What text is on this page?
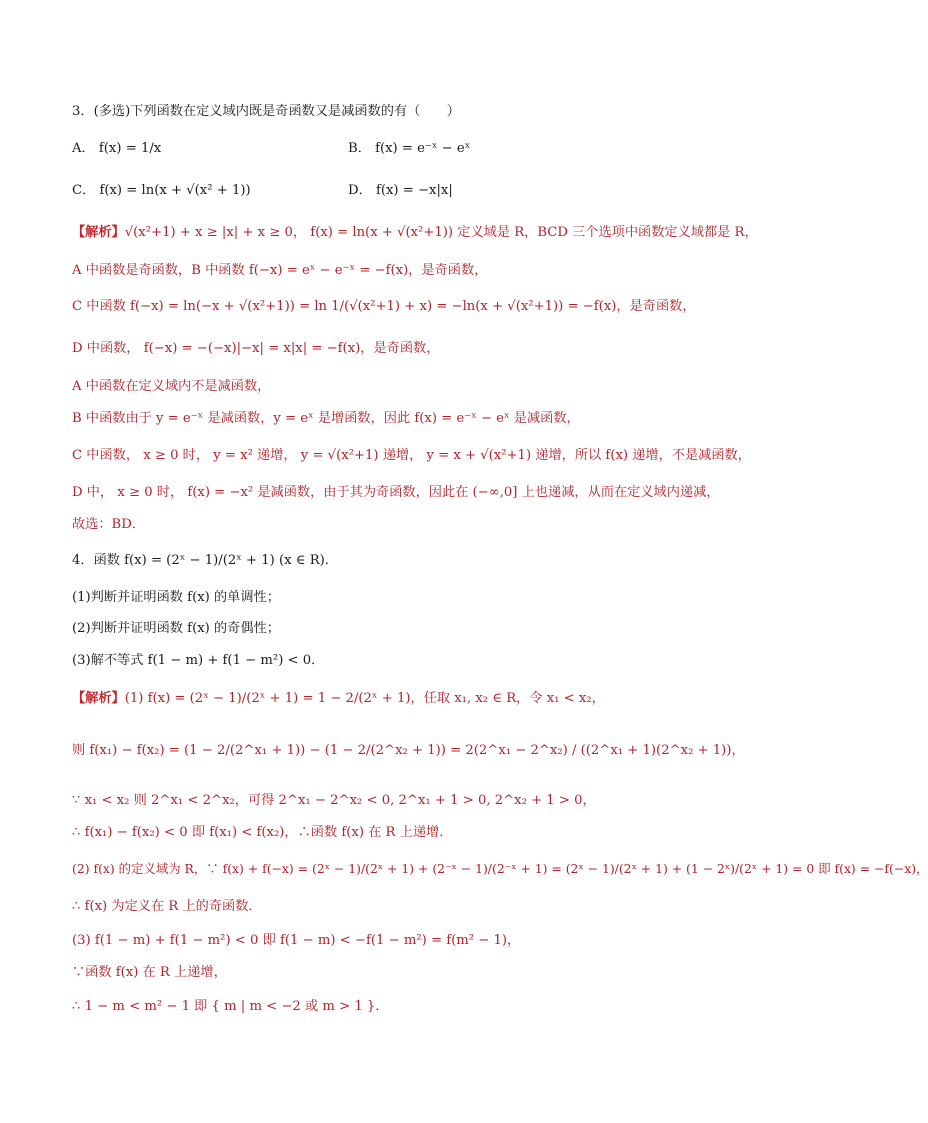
3．(多选)下列函数在定义域内既是奇函数又是减函数的有（　　）
A． f(x) = 1/x	B． f(x) = e⁻ˣ − eˣ
C． f(x) = ln(x + √(x² + 1))	D． f(x) = −x|x|
【解析】√(x²+1) + x ≥ |x| + x ≥ 0， f(x) = ln(x + √(x²+1)) 定义域是 R，BCD 三个选项中函数定义域都是 R，
A 中函数是奇函数，B 中函数 f(−x) = eˣ − e⁻ˣ = −f(x)，是奇函数，
C 中函数 f(−x) = ln(−x + √(x²+1)) = ln 1/(√(x²+1) + x) = −ln(x + √(x²+1)) = −f(x)，是奇函数，
D 中函数， f(−x) = −(−x)|−x| = x|x| = −f(x)，是奇函数，
A 中函数在定义域内不是减函数，
B 中函数由于 y = e⁻ˣ 是减函数，y = eˣ 是增函数，因此 f(x) = e⁻ˣ − eˣ 是减函数，
C 中函数， x ≥ 0 时， y = x² 递增， y = √(x²+1) 递增， y = x + √(x²+1) 递增，所以 f(x) 递增，不是减函数，
D 中， x ≥ 0 时， f(x) = −x² 是减函数，由于其为奇函数，因此在 (−∞,0] 上也递减，从而在定义域内递减，
故选：BD．
4．函数 f(x) = (2ˣ − 1)/(2ˣ + 1) (x ∈ R)．
(1)判断并证明函数 f(x) 的单调性；
(2)判断并证明函数 f(x) 的奇偶性；
(3)解不等式 f(1 − m) + f(1 − m²) < 0．
【解析】(1) f(x) = (2ˣ − 1)/(2ˣ + 1) = 1 − 2/(2ˣ + 1)，任取 x₁, x₂ ∈ R，令 x₁ < x₂，
则 f(x₁) − f(x₂) = (1 − 2/(2^x₁ + 1)) − (1 − 2/(2^x₂ + 1)) = 2(2^x₁ − 2^x₂) / ((2^x₁ + 1)(2^x₂ + 1))，
∵ x₁ < x₂ 则 2^x₁ < 2^x₂，可得 2^x₁ − 2^x₂ < 0, 2^x₁ + 1 > 0, 2^x₂ + 1 > 0，
∴ f(x₁) − f(x₂) < 0 即 f(x₁) < f(x₂)，∴函数 f(x) 在 R 上递增．
(2) f(x) 的定义域为 R，∵ f(x) + f(−x) = (2ˣ − 1)/(2ˣ + 1) + (2⁻ˣ − 1)/(2⁻ˣ + 1) = (2ˣ − 1)/(2ˣ + 1) + (1 − 2ˣ)/(2ˣ + 1) = 0 即 f(x) = −f(−x)，
∴ f(x) 为定义在 R 上的奇函数．
(3) f(1 − m) + f(1 − m²) < 0 即 f(1 − m) < −f(1 − m²) = f(m² − 1)，
∵函数 f(x) 在 R 上递增，
∴ 1 − m < m² − 1 即 { m | m < −2 或 m > 1 }．
